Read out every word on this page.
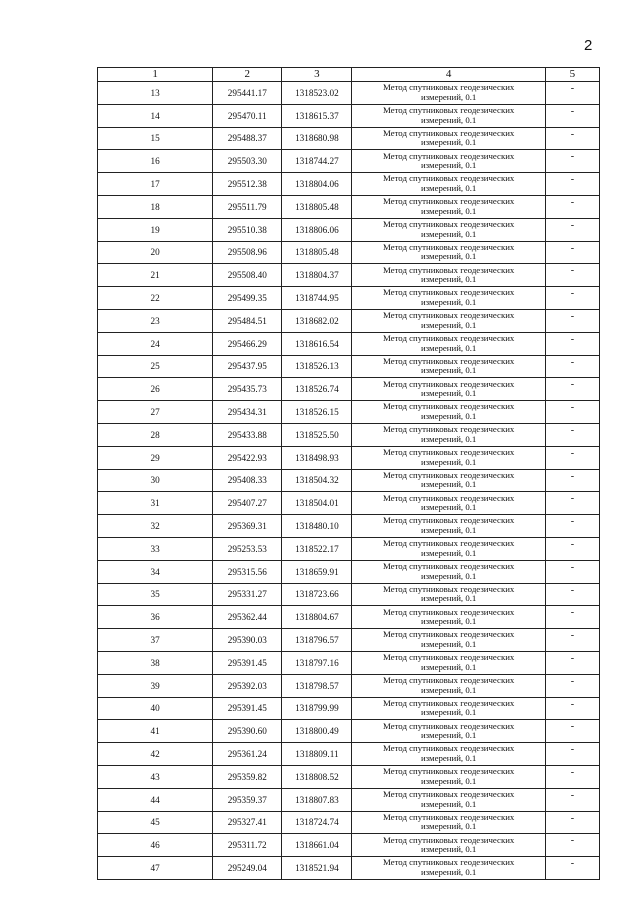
2
1	2	3	4	5
13	295441.17	1318523.02	Метод спутниковых геодезических
измерений, 0.1	-
14	295470.11	1318615.37	Метод спутниковых геодезических
измерений, 0.1	-
15	295488.37	1318680.98	Метод спутниковых геодезических
измерений, 0.1	-
16	295503.30	1318744.27	Метод спутниковых геодезических
измерений, 0.1	-
17	295512.38	1318804.06	Метод спутниковых геодезических
измерений, 0.1	-
18	295511.79	1318805.48	Метод спутниковых геодезических
измерений, 0.1	-
19	295510.38	1318806.06	Метод спутниковых геодезических
измерений, 0.1	-
20	295508.96	1318805.48	Метод спутниковых геодезических
измерений, 0.1	-
21	295508.40	1318804.37	Метод спутниковых геодезических
измерений, 0.1	-
22	295499.35	1318744.95	Метод спутниковых геодезических
измерений, 0.1	-
23	295484.51	1318682.02	Метод спутниковых геодезических
измерений, 0.1	-
24	295466.29	1318616.54	Метод спутниковых геодезических
измерений, 0.1	-
25	295437.95	1318526.13	Метод спутниковых геодезических
измерений, 0.1	-
26	295435.73	1318526.74	Метод спутниковых геодезических
измерений, 0.1	-
27	295434.31	1318526.15	Метод спутниковых геодезических
измерений, 0.1	-
28	295433.88	1318525.50	Метод спутниковых геодезических
измерений, 0.1	-
29	295422.93	1318498.93	Метод спутниковых геодезических
измерений, 0.1	-
30	295408.33	1318504.32	Метод спутниковых геодезических
измерений, 0.1	-
31	295407.27	1318504.01	Метод спутниковых геодезических
измерений, 0.1	-
32	295369.31	1318480.10	Метод спутниковых геодезических
измерений, 0.1	-
33	295253.53	1318522.17	Метод спутниковых геодезических
измерений, 0.1	-
34	295315.56	1318659.91	Метод спутниковых геодезических
измерений, 0.1	-
35	295331.27	1318723.66	Метод спутниковых геодезических
измерений, 0.1	-
36	295362.44	1318804.67	Метод спутниковых геодезических
измерений, 0.1	-
37	295390.03	1318796.57	Метод спутниковых геодезических
измерений, 0.1	-
38	295391.45	1318797.16	Метод спутниковых геодезических
измерений, 0.1	-
39	295392.03	1318798.57	Метод спутниковых геодезических
измерений, 0.1	-
40	295391.45	1318799.99	Метод спутниковых геодезических
измерений, 0.1	-
41	295390.60	1318800.49	Метод спутниковых геодезических
измерений, 0.1	-
42	295361.24	1318809.11	Метод спутниковых геодезических
измерений, 0.1	-
43	295359.82	1318808.52	Метод спутниковых геодезических
измерений, 0.1	-
44	295359.37	1318807.83	Метод спутниковых геодезических
измерений, 0.1	-
45	295327.41	1318724.74	Метод спутниковых геодезических
измерений, 0.1	-
46	295311.72	1318661.04	Метод спутниковых геодезических
измерений, 0.1	-
47	295249.04	1318521.94	Метод спутниковых геодезических
измерений, 0.1	-
